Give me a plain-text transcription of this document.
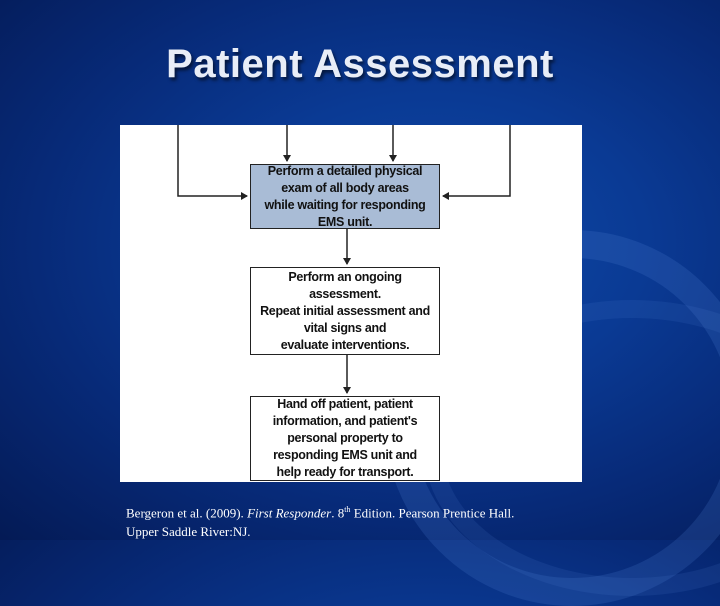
Patient Assessment
Perform a detailed physical exam of all body areas
while waiting for responding EMS unit.
Perform an ongoing assessment.
Repeat initial assessment and vital signs and
evaluate interventions.
Hand off patient, patient information, and patient's
personal property to responding EMS unit and
help ready for transport.
Bergeron et al. (2009). First Responder. 8th Edition. Pearson Prentice Hall.
Upper Saddle River:NJ.
